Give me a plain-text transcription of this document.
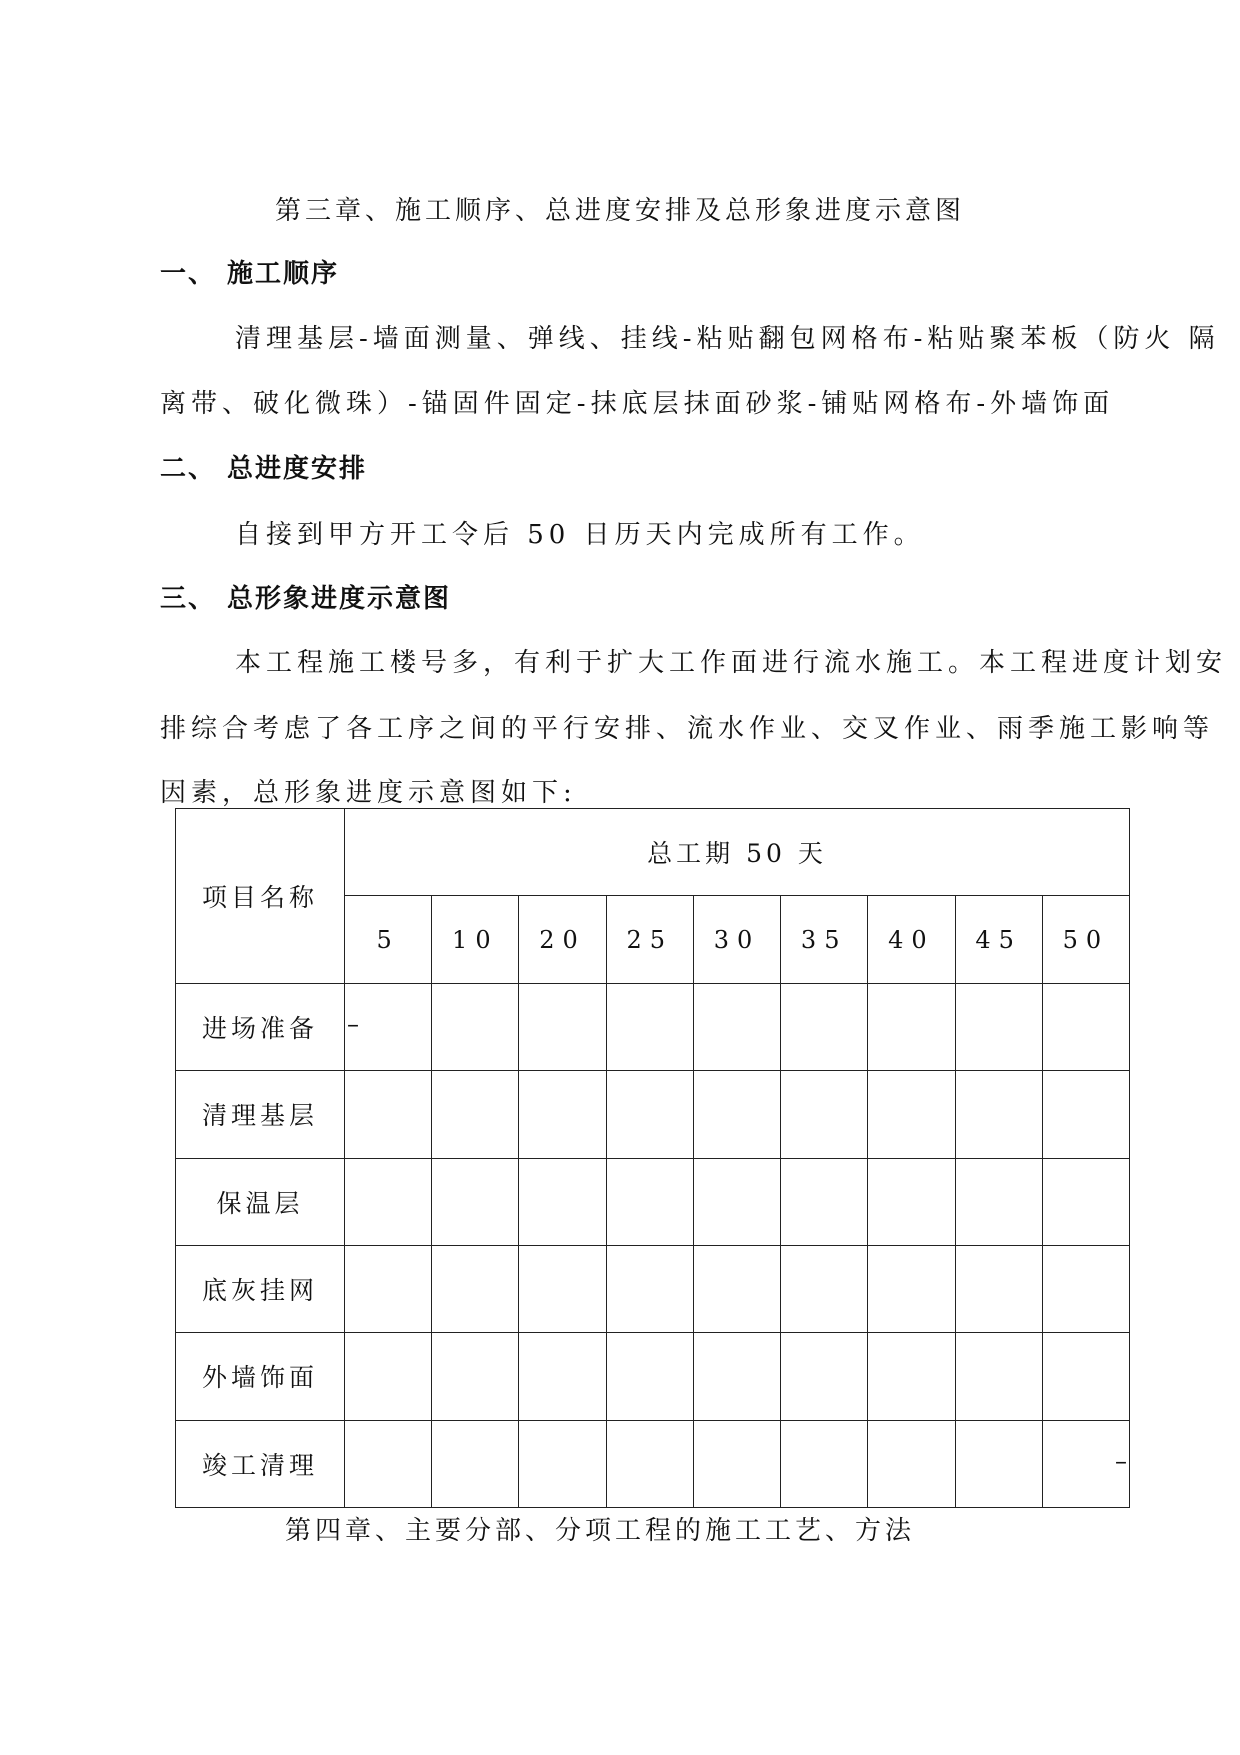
第三章、施工顺序、总进度安排及总形象进度示意图
一、 施工顺序
清理基层-墙面测量、弹线、挂线-粘贴翻包网格布-粘贴聚苯板（防火 隔
离带、破化微珠）-锚固件固定-抹底层抹面砂浆-铺贴网格布-外墙饰面
二、 总进度安排
自接到甲方开工令后 50 日历天内完成所有工作。
三、 总形象进度示意图
本工程施工楼号多，有利于扩大工作面进行流水施工。本工程进度计划安
排综合考虑了各工序之间的平行安排、流水作业、交叉作业、雨季施工影响等
因素，总形象进度示意图如下:
项目名称	总工期 50 天								
	5	10	20	25	30	35	40	45	50
进场准备	–								

清理基层									
保温层									
底灰挂网									
外墙饰面									
竣工清理									–
第四章、主要分部、分项工程的施工工艺、方法
